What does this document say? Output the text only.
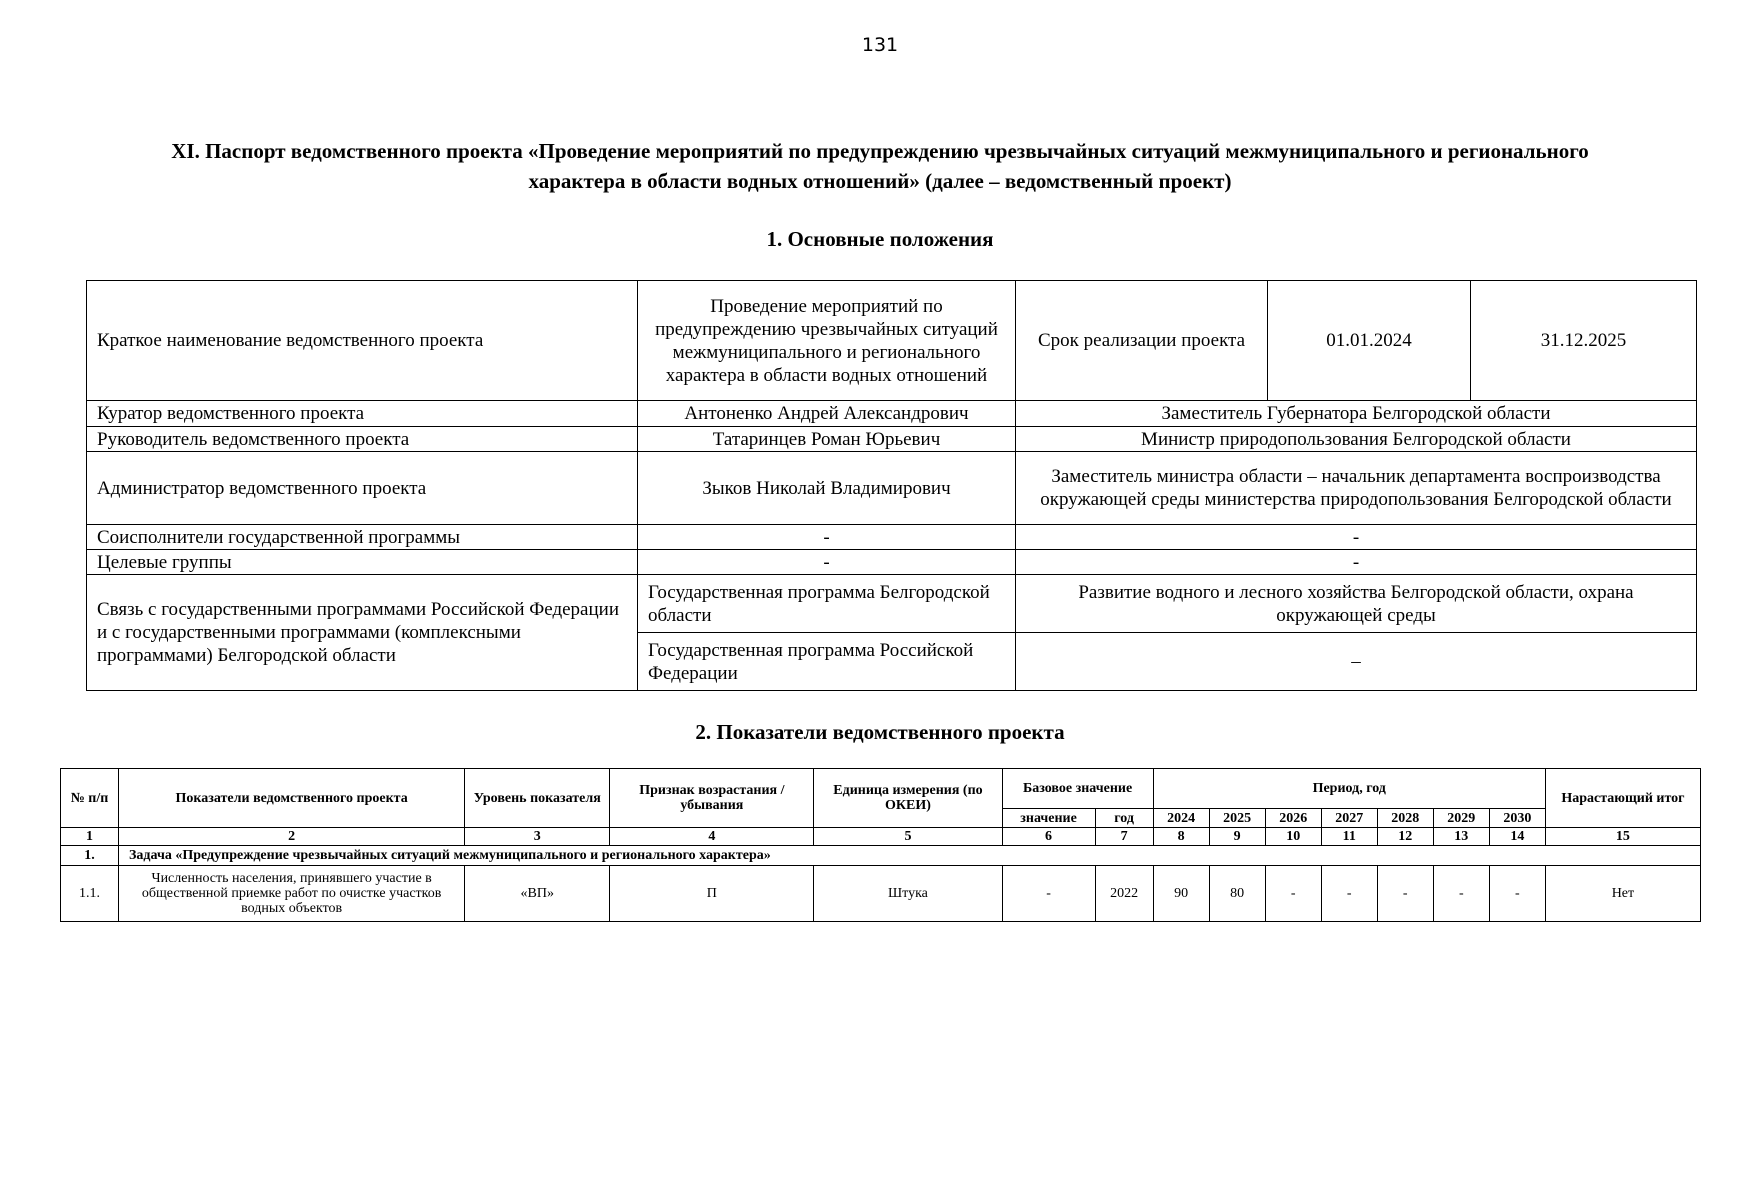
131
XI. Паспорт ведомственного проекта «Проведение мероприятий по предупреждению чрезвычайных ситуаций межмуниципального и регионального
характера в области водных отношений» (далее – ведомственный проект)
1. Основные положения
Краткое наименование ведомственного проекта	Проведение мероприятий по предупреждению чрезвычайных ситуаций межмуниципального и регионального характера в области водных отношений	Срок реализации проекта	01.01.2024	31.12.2025
Куратор ведомственного проекта	Антоненко Андрей Александрович	Заместитель Губернатора Белгородской области		
Руководитель ведомственного проекта	Татаринцев Роман Юрьевич	Министр природопользования Белгородской области		
Администратор ведомственного проекта	Зыков Николай Владимирович	Заместитель министра области – начальник департамента воспроизводства окружающей среды министерства природопользования Белгородской области		
Соисполнители государственной программы	-	-		
Целевые группы	-	-		
Связь с государственными программами Российской Федерации и с государственными программами (комплексными программами) Белгородской области	Государственная программа Белгородской области	Развитие водного и лесного хозяйства Белгородской области, охрана окружающей среды		
	Государственная программа Российской Федерации	–		
2. Показатели ведомственного проекта
№ п/п	Показатели ведомственного проекта	Уровень показателя	Признак возрастания / убывания	Единица измерения (по ОКЕИ)	Базовое значение		Период, год							Нарастающий итог
					значение	год	2024	2025	2026	2027	2028	2029	2030	
1	2	3	4	5	6	7	8	9	10	11	12	13	14	15
1.	Задача «Предупреждение чрезвычайных ситуаций межмуниципального и регионального характера»													
1.1.	Численность населения, принявшего участие в общественной приемке работ по очистке участков водных объектов	«ВП»	П	Штука	-	2022	90	80	-	-	-	-	-	Нет
